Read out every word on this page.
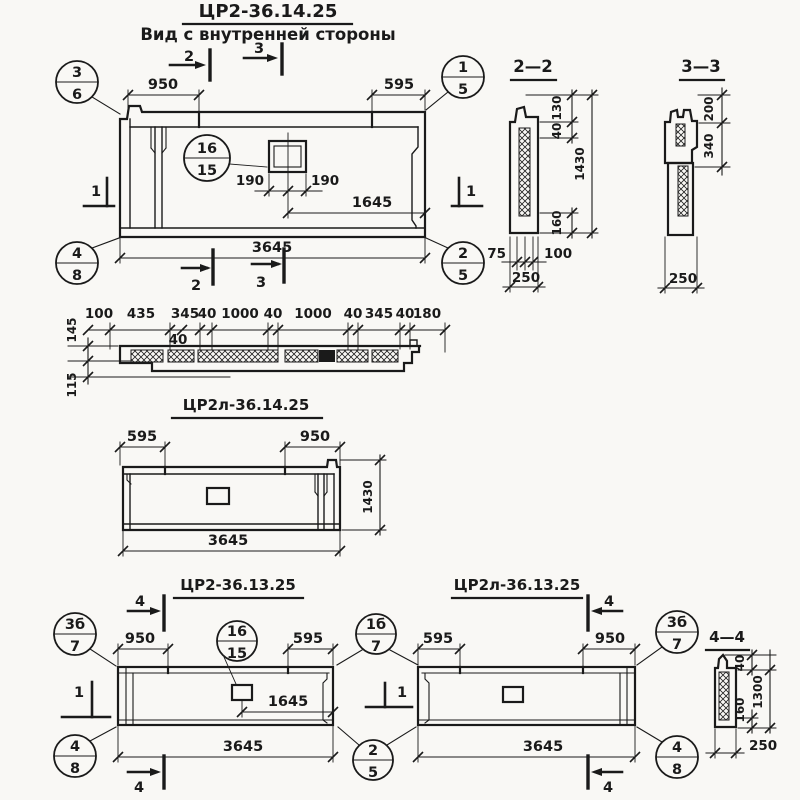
ЦР2-36.14.25
Вид с внутренней стороны
2	3
3
6
1
5
4
8
2
5
950	595
16
15
190	190
1645
3645
1	1
2	3
2—2
130
40
160
1430
75	100
250
3—3
200
340
250
100 435 345
40 1000 40 1000 40 345 40
180
40
145
115
ЦР2л-36.14.25
595	950
1430
3645
ЦР2-36.13.25
4
4
3б
7	950	16
15
595
1
1645
3645
4
8
1б
7
2
5
ЦР2л-36.13.25
4
4
595	950
1
3645
3б
7
4
8
4—4
40
160
1300
250
